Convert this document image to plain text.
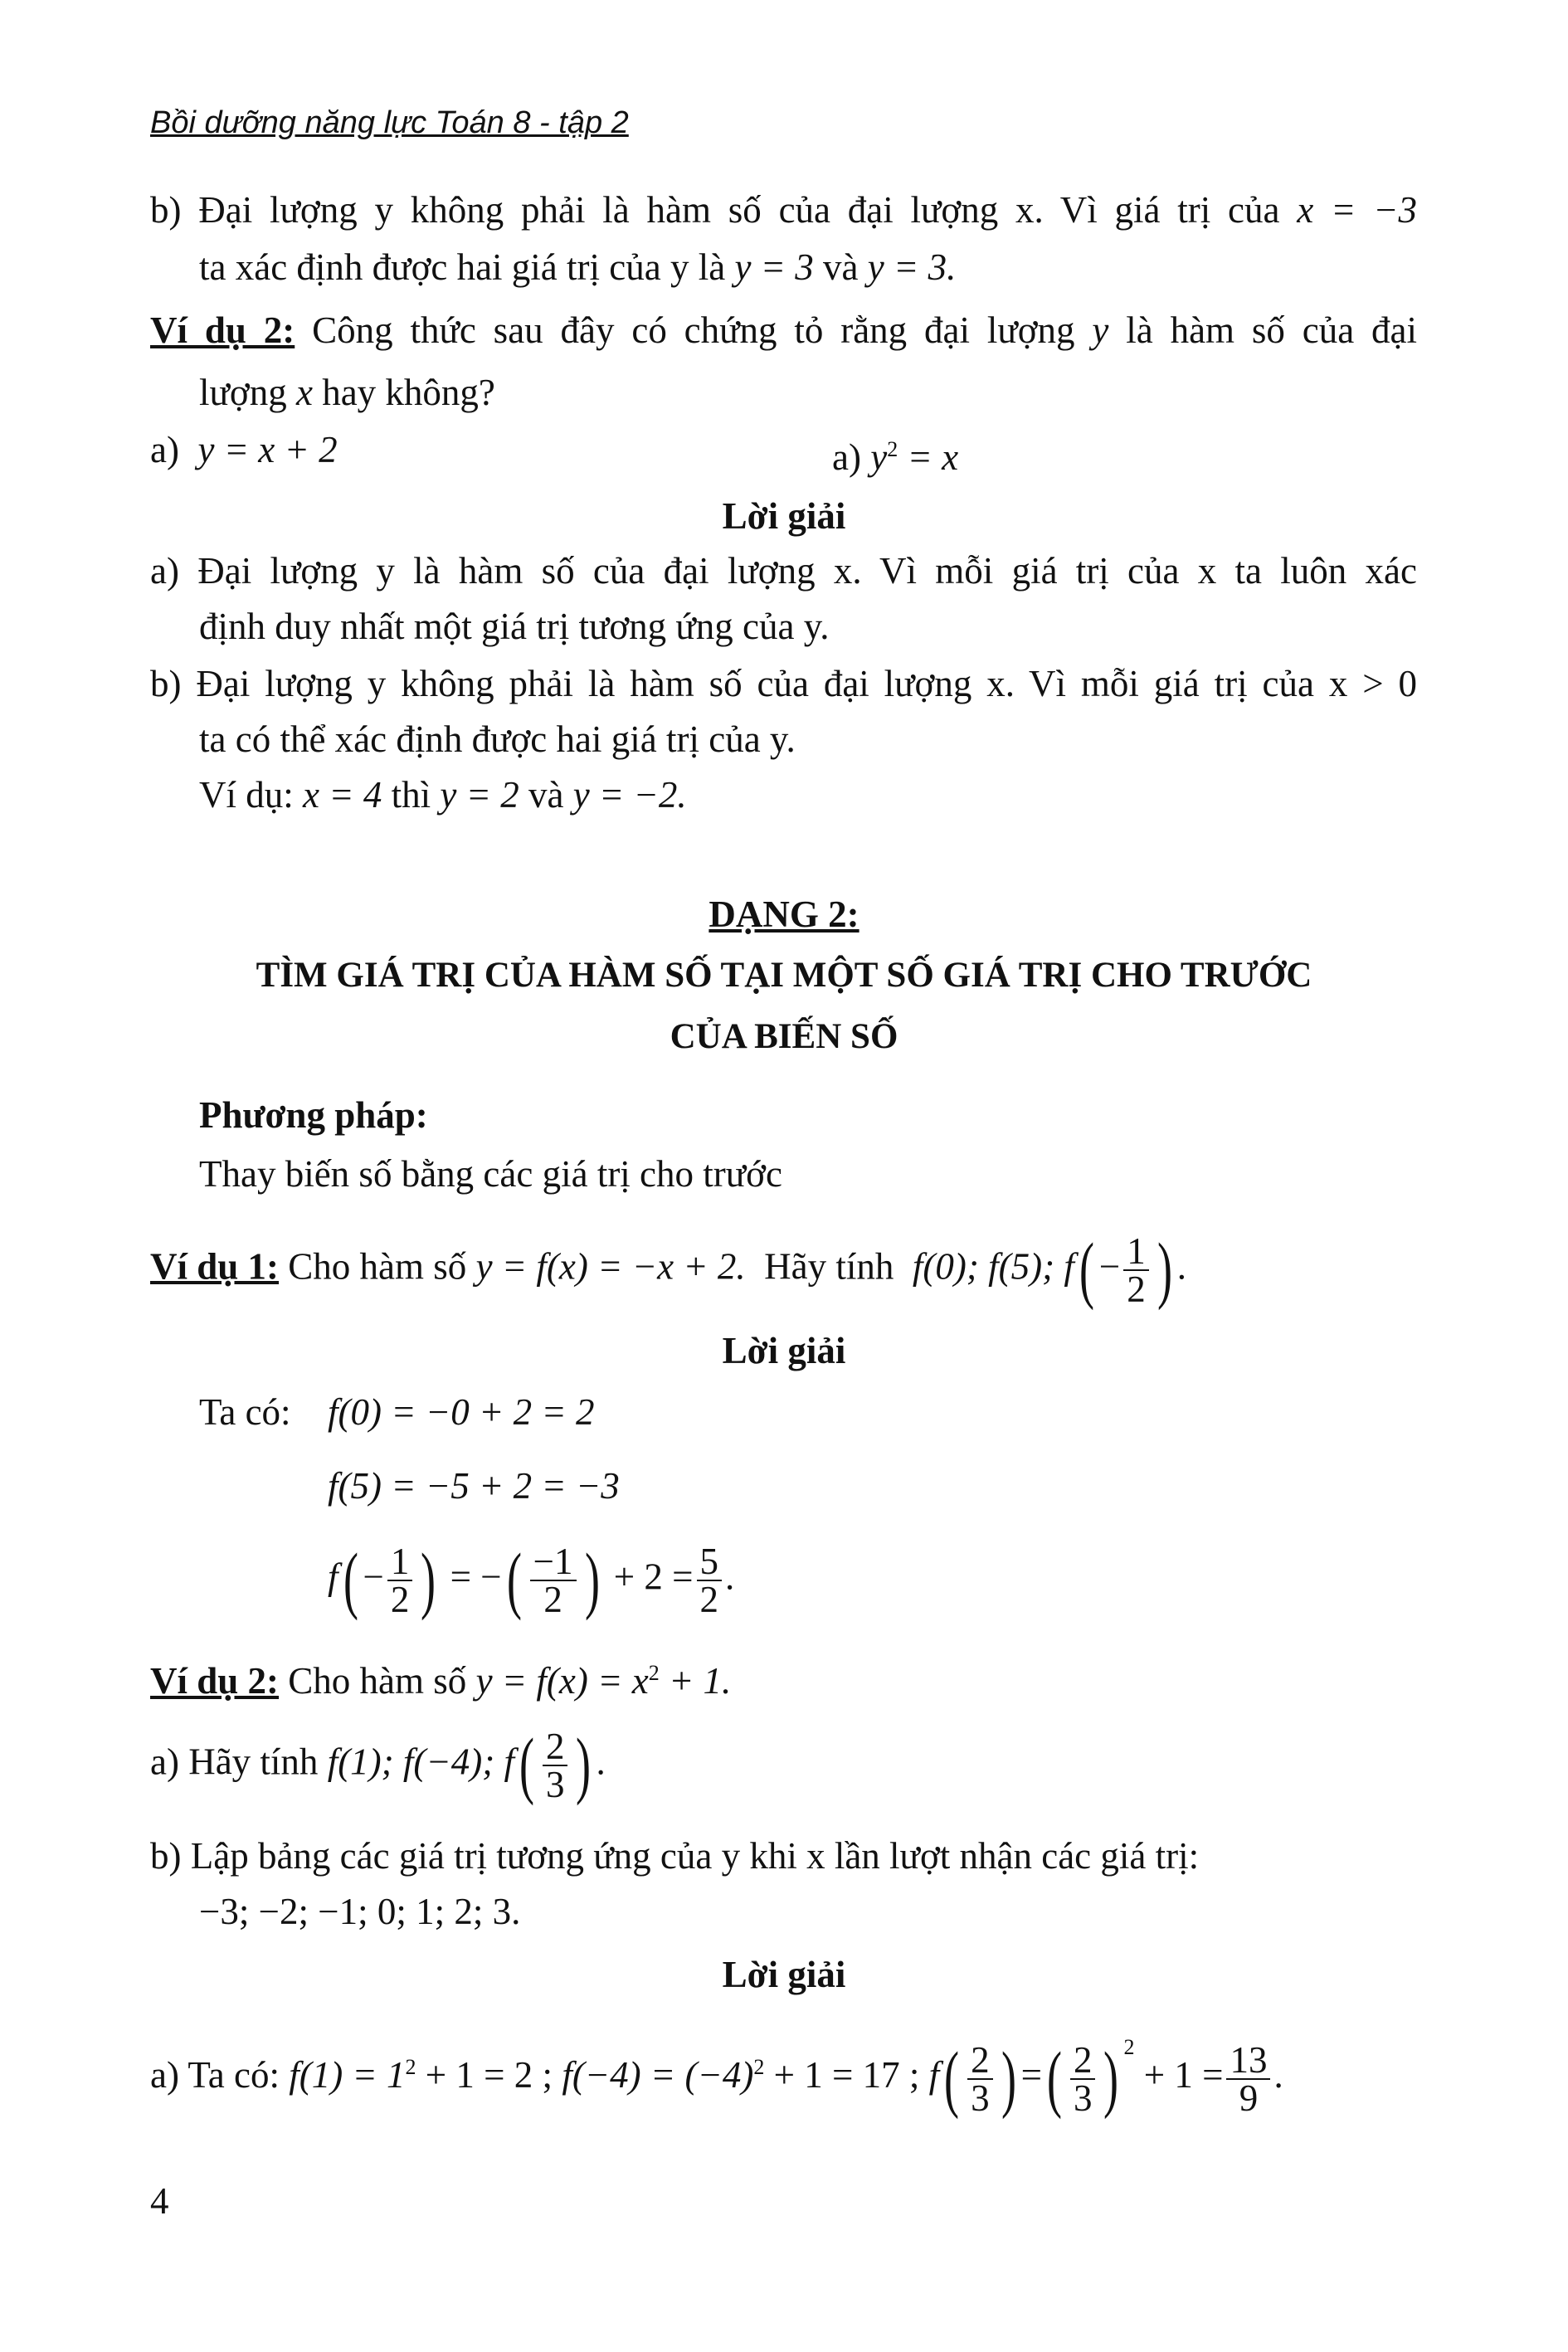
Bồi dưỡng năng lực Toán 8 - tập 2
b) Đại lượng y không phải là hàm số của đại lượng x. Vì giá trị của x = −3
ta xác định được hai giá trị của y là y = 3 và y = 3.
Ví dụ 2: Công thức sau đây có chứng tỏ rằng đại lượng y là hàm số của đại
lượng x hay không?
a) y = x + 2	a) $y^2 = x$
Lời giải
a) Đại lượng y là hàm số của đại lượng x. Vì mỗi giá trị của x ta luôn xác
định duy nhất một giá trị tương ứng của y.
b) Đại lượng y không phải là hàm số của đại lượng x. Vì mỗi giá trị của x > 0
ta có thể xác định được hai giá trị của y.
Ví dụ: x = 4 thì y = 2 và y = −2.
DẠNG 2:
TÌM GIÁ TRỊ CỦA HÀM SỐ TẠI MỘT SỐ GIÁ TRỊ CHO TRƯỚC
CỦA BIẾN SỐ
Phương pháp:
Thay biến số bằng các giá trị cho trước
Ví dụ 1: Cho hàm số y = f(x) = −x + 2. Hãy tính f(0); f(5); $f( - \frac{1}{2}$ ) .
Lời giải
Ta có: f(0) = −0 + 2 = 2
f(5) = −5 + 2 = −3
$f( - \frac{1}{2}$ ) = −( $\frac{-1}{2}$ ) + $2 = \frac{5}{2}$ .
Ví dụ 2: Cho hàm số $y = f(x) = x^2 + 1$.
a) Hãy tính f(1); f(−4); $f( \frac{2}{3}$ ) .
b) Lập bảng các giá trị tương ứng của y khi x lần lượt nhận các giá trị:
−3; −2; −1; 0; 1; 2; 3.
Lời giải
a) Ta có: $f(1) = 1^2 + 1 = 2$ ; $f(-4) = (-4)^2 + 1 = 17$ ; $f( \frac{2}{3}$ ) =( $\frac{2}{3}$ ) $^2 + 1 = \frac{13}{9}$ .
4
